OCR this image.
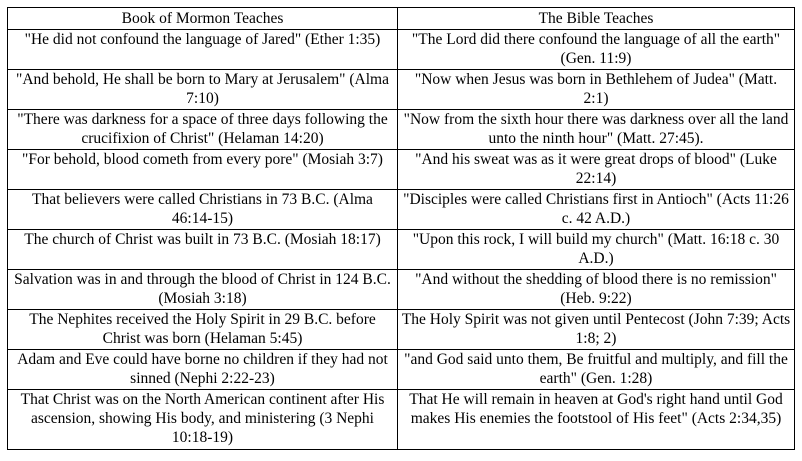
Book of Mormon Teaches	The Bible Teaches
"He did not confound the language of Jared" (Ether 1:35)	"The Lord did there confound the language of all the earth" (Gen. 11:9)
"And behold, He shall be born to Mary at Jerusalem" (Alma 7:10)	"Now when Jesus was born in Bethlehem of Judea" (Matt. 2:1)
"There was darkness for a space of three days following the crucifixion of Christ" (Helaman 14:20)	"Now from the sixth hour there was darkness over all the land unto the ninth hour" (Matt. 27:45).
"For behold, blood cometh from every pore" (Mosiah 3:7)	"And his sweat was as it were great drops of blood" (Luke 22:14)
That believers were called Christians in 73 B.C. (Alma 46:14-15)	"Disciples were called Christians first in Antioch" (Acts 11:26 c. 42 A.D.)
The church of Christ was built in 73 B.C. (Mosiah 18:17)	"Upon this rock, I will build my church" (Matt. 16:18 c. 30 A.D.)
Salvation was in and through the blood of Christ in 124 B.C. (Mosiah 3:18)	"And without the shedding of blood there is no remission" (Heb. 9:22)
The Nephites received the Holy Spirit in 29 B.C. before Christ was born (Helaman 5:45)	The Holy Spirit was not given until Pentecost (John 7:39; Acts 1:8; 2)
Adam and Eve could have borne no children if they had not sinned (Nephi 2:22-23)	"and God said unto them, Be fruitful and multiply, and fill the earth" (Gen. 1:28)
That Christ was on the North American continent after His ascension, showing His body, and ministering (3 Nephi 10:18-19)	That He will remain in heaven at God's right hand until God makes His enemies the footstool of His feet" (Acts 2:34,35)
